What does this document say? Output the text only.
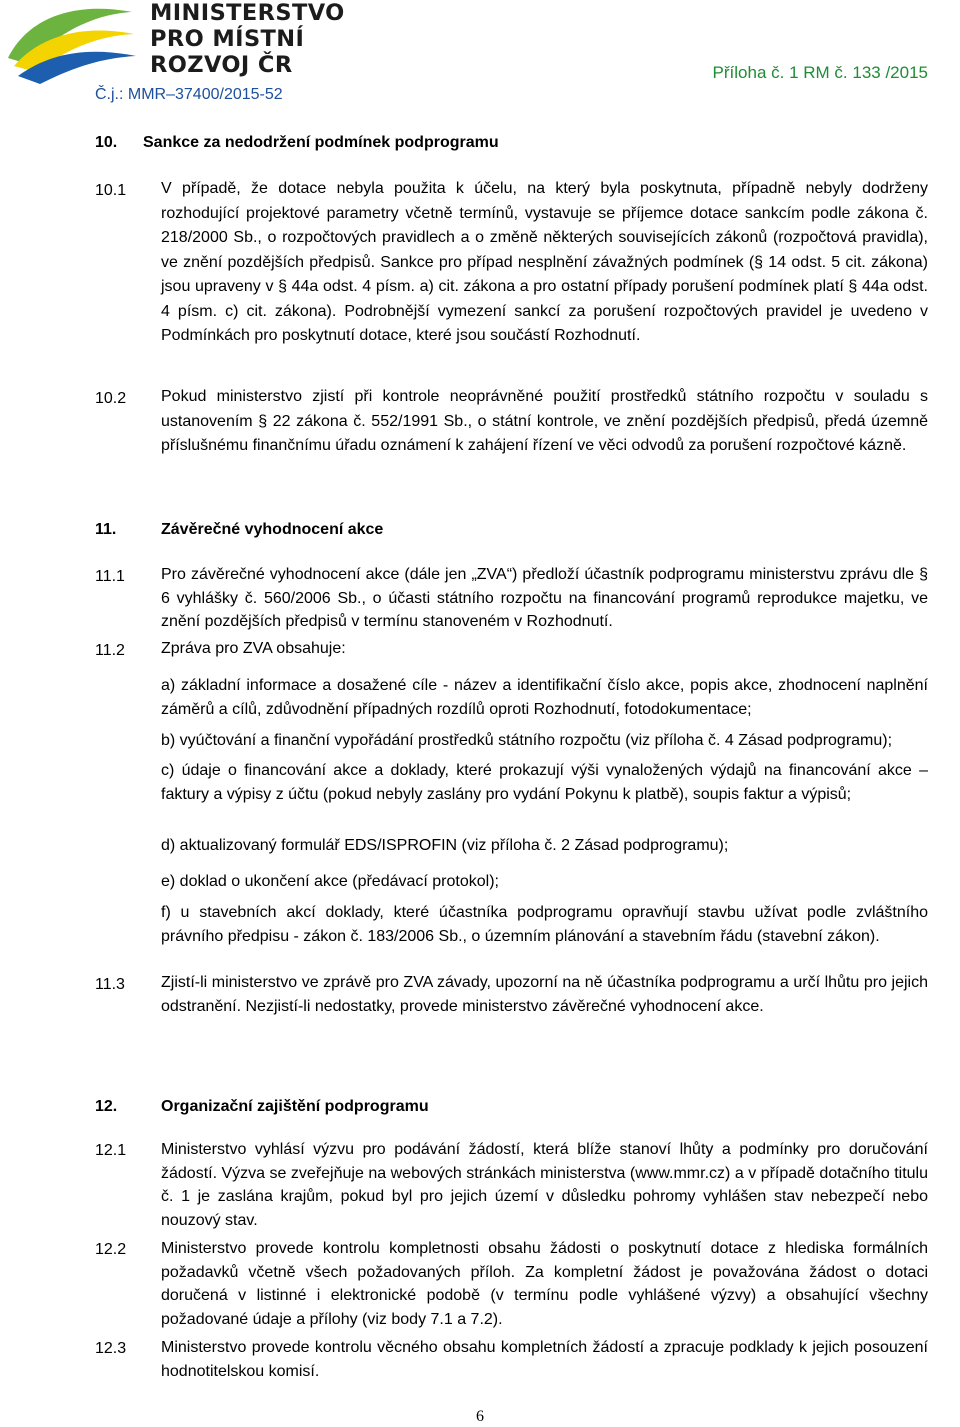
MINISTERSTVO
PRO MÍSTNÍ
ROZVOJ ČR	Příloha č. 1 RM č. 133 /2015
Č.j.: MMR–37400/2015-52
10. Sankce za nedodržení podmínek podprogramu
10.1 V případě, že dotace nebyla použita k účelu, na který byla poskytnuta, případně nebyly dodrženy rozhodující projektové parametry včetně termínů, vystavuje se příjemce dotace sankcím podle zákona č. 218/2000 Sb., o rozpočtových pravidlech a o změně některých souvisejících zákonů (rozpočtová pravidla), ve znění pozdějších předpisů. Sankce pro případ nesplnění závažných podmínek (§ 14 odst. 5 cit. zákona) jsou upraveny v § 44a odst. 4 písm. a) cit. zákona a pro ostatní případy porušení podmínek platí § 44a odst. 4 písm. c) cit. zákona). Podrobnější vymezení sankcí za porušení rozpočtových pravidel je uvedeno v Podmínkách pro poskytnutí dotace, které jsou součástí Rozhodnutí.
10.2 Pokud ministerstvo zjistí při kontrole neoprávněné použití prostředků státního rozpočtu v souladu s ustanovením § 22 zákona č. 552/1991 Sb., o státní kontrole, ve znění pozdějších předpisů, předá územně příslušnému finančnímu úřadu oznámení k zahájení řízení ve věci odvodů za porušení rozpočtové kázně.
11.	Závěrečné vyhodnocení akce
11.1 Pro závěrečné vyhodnocení akce (dále jen „ZVA“) předloží účastník podprogramu ministerstvu zprávu dle § 6 vyhlášky č. 560/2006 Sb., o účasti státního rozpočtu na financování programů reprodukce majetku, ve znění pozdějších předpisů v termínu stanoveném v Rozhodnutí.
11.2 Zpráva pro ZVA obsahuje:
a) základní informace a dosažené cíle - název a identifikační číslo akce, popis akce, zhodnocení naplnění záměrů a cílů, zdůvodnění případných rozdílů oproti Rozhodnutí, fotodokumentace;
b) vyúčtování a finanční vypořádání prostředků státního rozpočtu (viz příloha č. 4 Zásad podprogramu);
c) údaje o financování akce a doklady, které prokazují výši vynaložených výdajů na financování akce – faktury a výpisy z účtu (pokud nebyly zaslány pro vydání Pokynu k platbě), soupis faktur a výpisů;
d) aktualizovaný formulář EDS/ISPROFIN (viz příloha č. 2 Zásad podprogramu);
e) doklad o ukončení akce (předávací protokol);
f) u stavebních akcí doklady, které účastníka podprogramu opravňují stavbu užívat podle zvláštního právního předpisu - zákon č. 183/2006 Sb., o územním plánování a stavebním řádu (stavební zákon).
11.3 Zjistí-li ministerstvo ve zprávě pro ZVA závady, upozorní na ně účastníka podprogramu a určí lhůtu pro jejich odstranění. Nezjistí-li nedostatky, provede ministerstvo závěrečné vyhodnocení akce.
12.	Organizační zajištění podprogramu
12.1 Ministerstvo vyhlásí výzvu pro podávání žádostí, která blíže stanoví lhůty a podmínky pro doručování žádostí. Výzva se zveřejňuje na webových stránkách ministerstva (www.mmr.cz) a v případě dotačního titulu č. 1 je zaslána krajům, pokud byl pro jejich území v důsledku pohromy vyhlášen stav nebezpečí nebo nouzový stav.
12.2 Ministerstvo provede kontrolu kompletnosti obsahu žádosti o poskytnutí dotace z hlediska formálních požadavků včetně všech požadovaných příloh. Za kompletní žádost je považována žádost o dotaci doručená v listinné i elektronické podobě (v termínu podle vyhlášené výzvy) a obsahující všechny požadované údaje a přílohy (viz body 7.1 a 7.2).
12.3 Ministerstvo provede kontrolu věcného obsahu kompletních žádostí a zpracuje podklady k jejich posouzení hodnotitelskou komisí.
6
